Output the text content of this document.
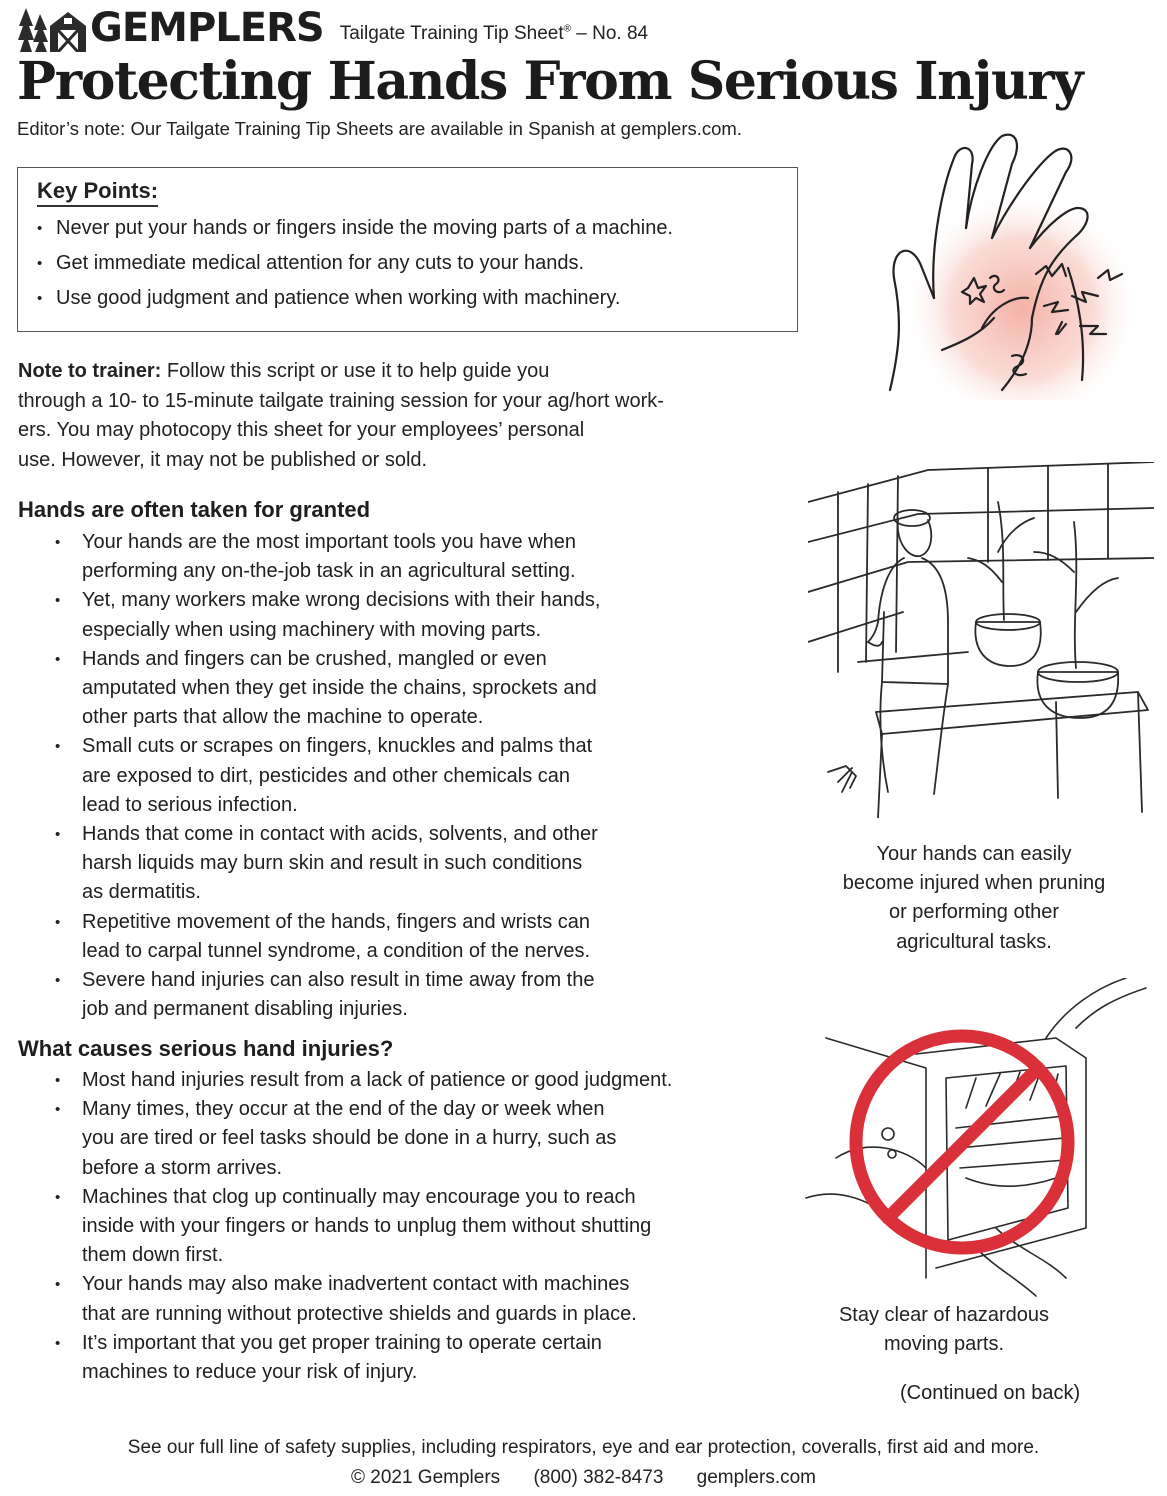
GEMPLERS Tailgate Training Tip Sheet® – No. 84
Protecting Hands From Serious Injury
Editor’s note: Our Tailgate Training Tip Sheets are available in Spanish at gemplers.com.
Key Points:
• Never put your hands or fingers inside the moving parts of a machine.
• Get immediate medical attention for any cuts to your hands.
• Use good judgment and patience when working with machinery.
Note to trainer: Follow this script or use it to help guide you
through a 10- to 15-minute tailgate training session for your ag/hort work-
ers. You may photocopy this sheet for your employees’ personal
use. However, it may not be published or sold.
Hands are often taken for granted
• Your hands are the most important tools you have when
performing any on-the-job task in an agricultural setting.
• Yet, many workers make wrong decisions with their hands,
especially when using machinery with moving parts.
• Hands and fingers can be crushed, mangled or even
amputated when they get inside the chains, sprockets and
other parts that allow the machine to operate.
• Small cuts or scrapes on fingers, knuckles and palms that
are exposed to dirt, pesticides and other chemicals can
lead to serious infection.
• Hands that come in contact with acids, solvents, and other
harsh liquids may burn skin and result in such conditions
as dermatitis.
• Repetitive movement of the hands, fingers and wrists can
lead to carpal tunnel syndrome, a condition of the nerves.
• Severe hand injuries can also result in time away from the
job and permanent disabling injuries.
What causes serious hand injuries?
• Most hand injuries result from a lack of patience or good judgment.
• Many times, they occur at the end of the day or week when
you are tired or feel tasks should be done in a hurry, such as
before a storm arrives.
• Machines that clog up continually may encourage you to reach
inside with your fingers or hands to unplug them without shutting
them down first.
• Your hands may also make inadvertent contact with machines
that are running without protective shields and guards in place.
• It’s important that you get proper training to operate certain
machines to reduce your risk of injury.
Your hands can easily
become injured when pruning
or performing other
agricultural tasks.
Stay clear of hazardous
moving parts.
(Continued on back)
See our full line of safety supplies, including respirators, eye and ear protection, coveralls, first aid and more.
© 2021 Gemplers (800) 382-8473 gemplers.com
